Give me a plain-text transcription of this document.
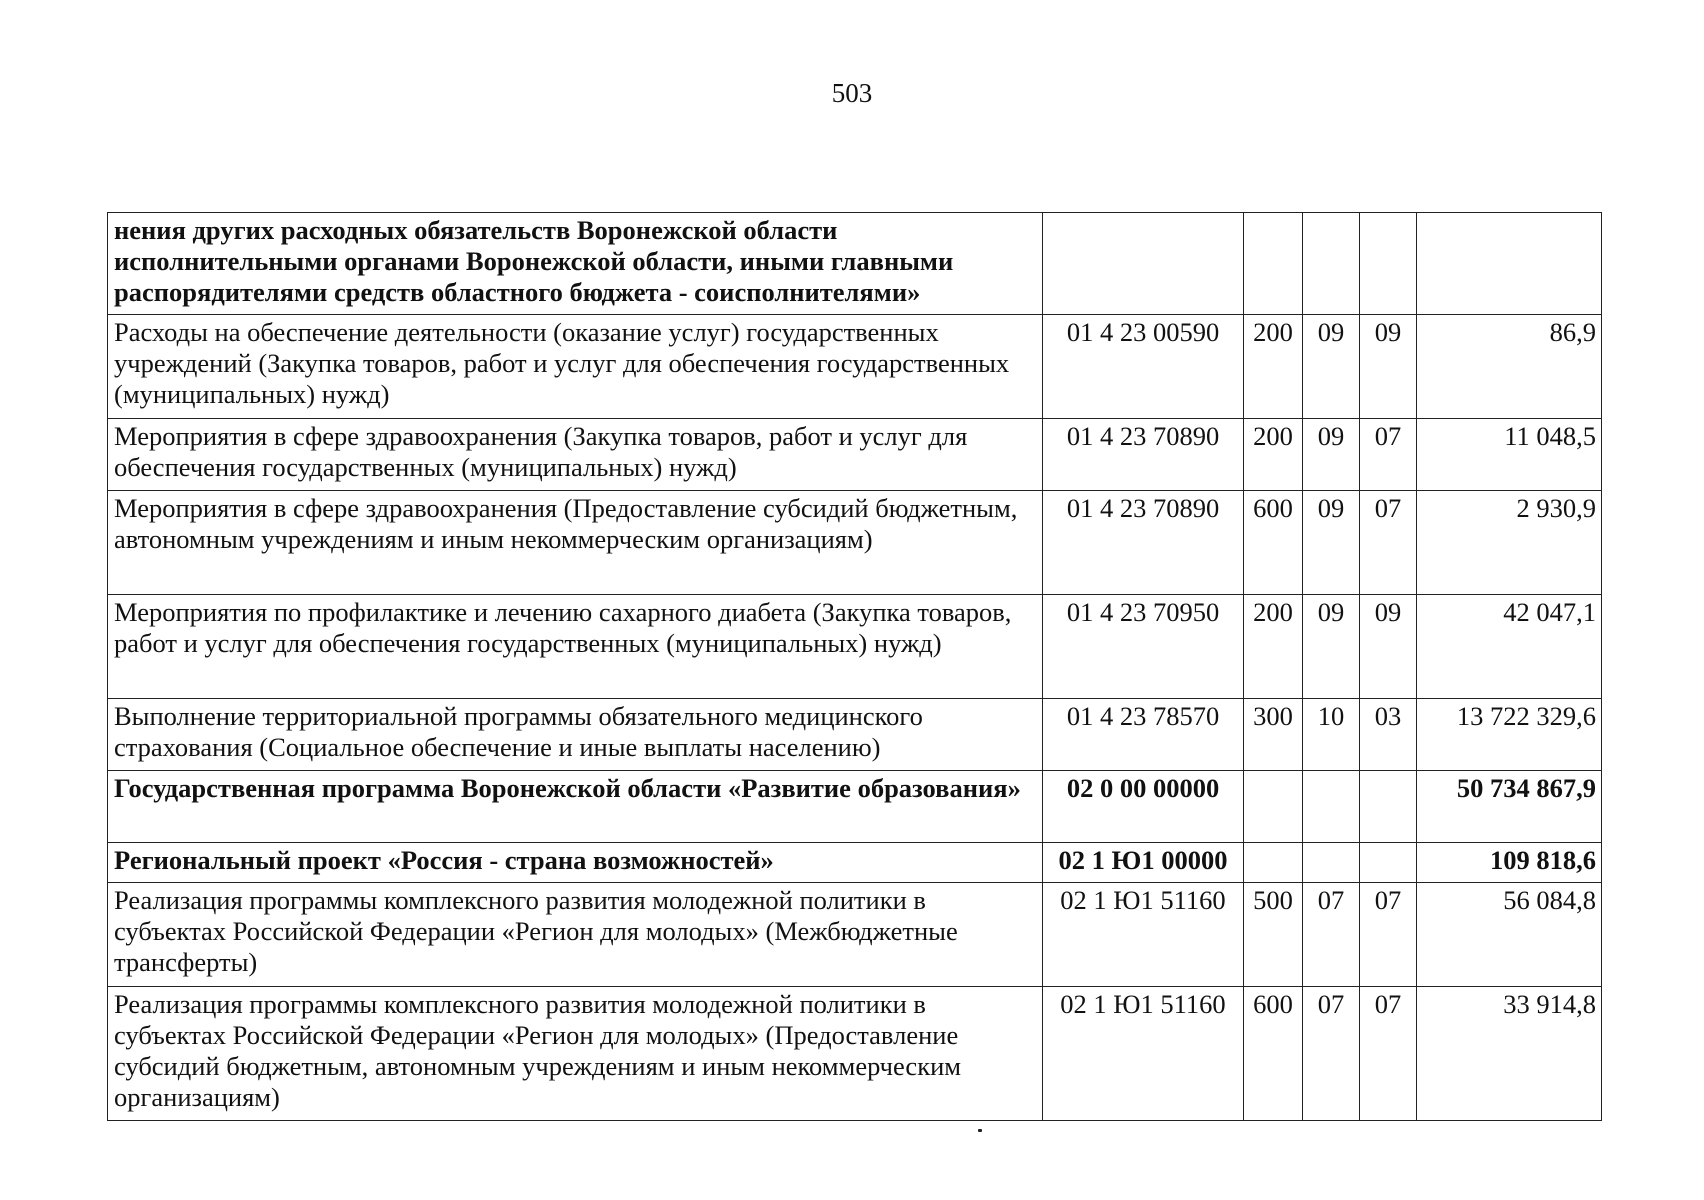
503
нения других расходных обязательств Воронежской области исполнительными органами Воронежской области, иными главными распорядителями средств областного бюджета - соисполнителями»					
Расходы на обеспечение деятельности (оказание услуг) государственных учреждений (Закупка товаров, работ и услуг для обеспечения государственных (муниципальных) нужд)	01 4 23 00590	200	09	09	86,9
Мероприятия в сфере здравоохранения (Закупка товаров, работ и услуг для обеспечения государственных (муниципальных) нужд)	01 4 23 70890	200	09	07	11 048,5
Мероприятия в сфере здравоохранения (Предоставление субсидий бюджетным, автономным учреждениям и иным некоммерческим организациям)	01 4 23 70890	600	09	07	2 930,9
Мероприятия по профилактике и лечению сахарного диабета (Закупка товаров, работ и услуг для обеспечения государственных (муниципальных) нужд)	01 4 23 70950	200	09	09	42 047,1
Выполнение территориальной программы обязательного медицинского страхования (Социальное обеспечение и иные выплаты населению)	01 4 23 78570	300	10	03	13 722 329,6
Государственная программа Воронежской области «Развитие образования»	02 0 00 00000				50 734 867,9
Региональный проект «Россия - страна возможностей»	02 1 Ю1 00000				109 818,6
Реализация программы комплексного развития молодежной политики в субъектах Российской Федерации «Регион для молодых» (Межбюджетные трансферты)	02 1 Ю1 51160	500	07	07	56 084,8
Реализация программы комплексного развития молодежной политики в субъектах Российской Федерации «Регион для молодых» (Предоставление субсидий бюджетным, автономным учреждениям и иным некоммерческим организациям)	02 1 Ю1 51160	600	07	07	33 914,8
